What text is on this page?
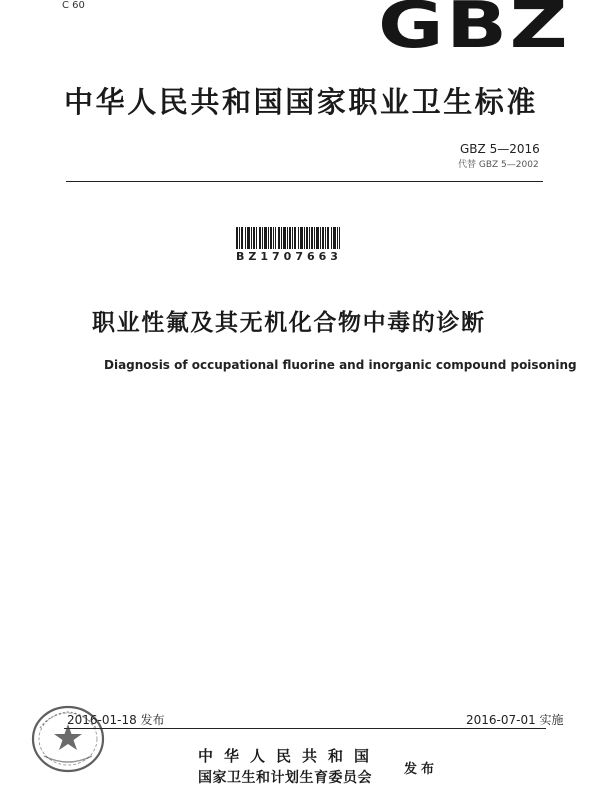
C 60	GBZ
中华人民共和国国家职业卫生标准
GBZ 5—2016
代替 GBZ 5—2002
BZ1707663
职业性氟及其无机化合物中毒的诊断
Diagnosis of occupational fluorine and inorganic compound poisoning
2016-01-18 发布	2016-07-01 实施
中华人民共和国
国家卫生和计划生育委员会
发布
